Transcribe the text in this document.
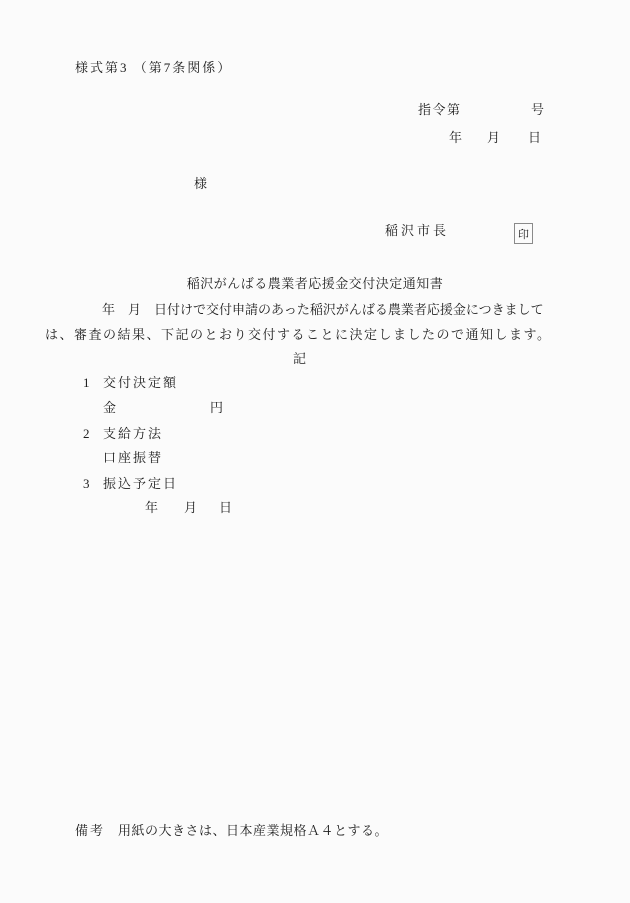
様式第3 （第7条関係）
指令第	号
年 月 日
様
稲沢市長	印
稲沢がんばる農業者応援金交付決定通知書
年　月　日付けで交付申請のあった稲沢がんばる農業者応援金につきまして
は、審査の結果、下記のとおり交付することに決定しましたので通知します。
記
1 交付決定額
金	円
2 支給方法
口座振替
3 振込予定日
年 月 日
備考 用紙の大きさは、日本産業規格Ａ４とする。
